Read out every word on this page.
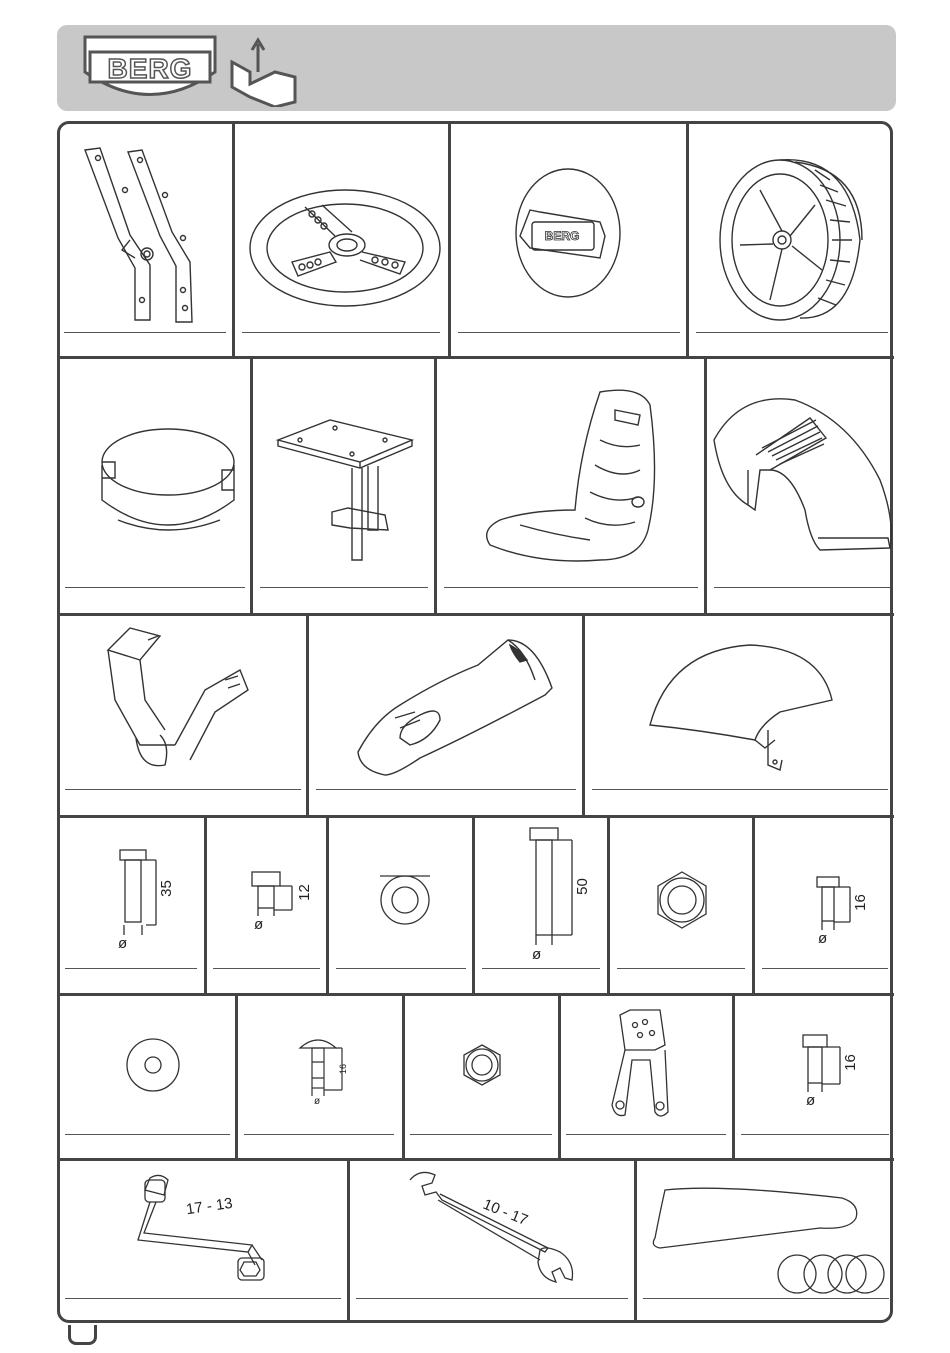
BERG
BERG
35
ø
12
ø
50
ø
16
ø
16
ø
16
ø
17 - 13	10 - 17
